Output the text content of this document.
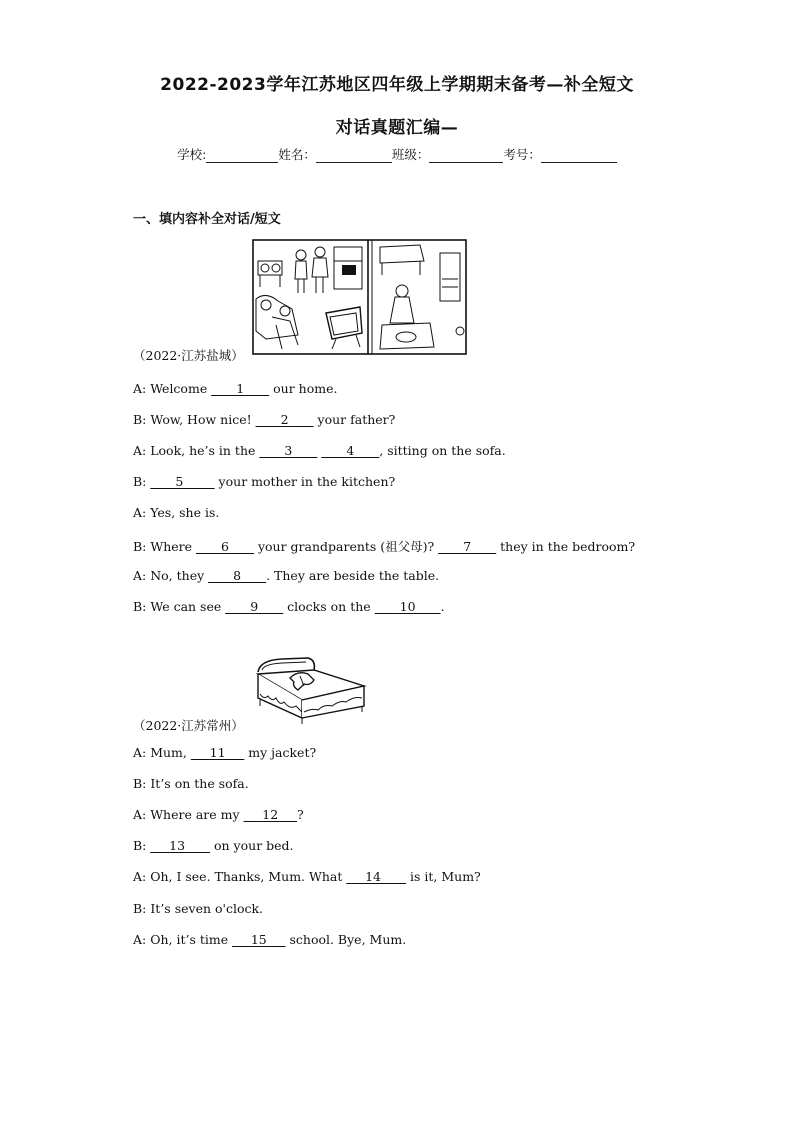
2022-2023学年江苏地区四年级上学期期末备考—补全短文
对话真题汇编—
学校:	姓名：	班级：	考号：
一、填内容补全对话/短文
（2022·江苏盐城）
A: Welcome ____1____ our home.
B: Wow, How nice! ____2____ your father?
A: Look, he’s in the ____3____ ____4____, sitting on the sofa.
B: ____5_____ your mother in the kitchen?
A: Yes, she is.
B: Where ____6____ your grandparents (祖父母)? ____7____ they in the bedroom?
A: No, they ____8____. They are beside the table.
B: We can see ____9____ clocks on the ____10____.
（2022·江苏常州）
A: Mum, ___11___ my jacket?
B: It’s on the sofa.
A: Where are my ___12___?
B: ___13____ on your bed.
A: Oh, I see. Thanks, Mum. What ___14____ is it, Mum?
B: It’s seven o'clock.
A: Oh, it’s time ___15___ school. Bye, Mum.
